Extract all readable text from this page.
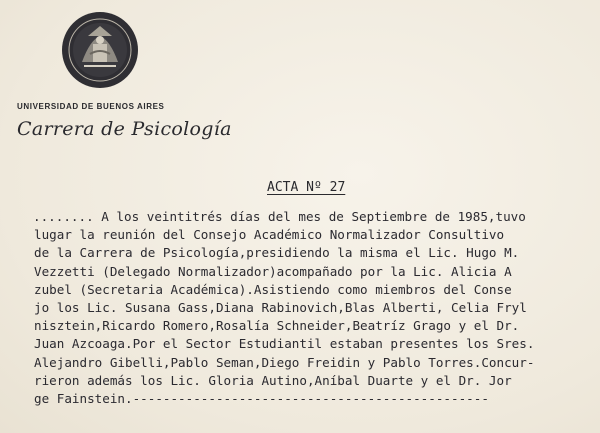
UNIVERSIDAD DE BUENOS AIRES
Carrera de Psicología
ACTA Nº 27
........ A los veintitrés días del mes de Septiembre de 1985,tuvo
lugar la reunión del Consejo Académico Normalizador Consultivo
de la Carrera de Psicología,presidiendo la misma el Lic. Hugo M.
Vezzetti (Delegado Normalizador)acompañado por la Lic. Alicia A
zubel (Secretaria Académica).Asistiendo como miembros del Conse
jo los Lic. Susana Gass,Diana Rabinovich,Blas Alberti, Celia Fryl
nisztein,Ricardo Romero,Rosalía Schneider,Beatríz Grago y el Dr.
Juan Azcoaga.Por el Sector Estudiantil estaban presentes los Sres.
Alejandro Gibelli,Pablo Seman,Diego Freidin y Pablo Torres.Concur-
rieron además los Lic. Gloria Autino,Aníbal Duarte y el Dr. Jor
ge Fainstein.-----------------------------------------------
